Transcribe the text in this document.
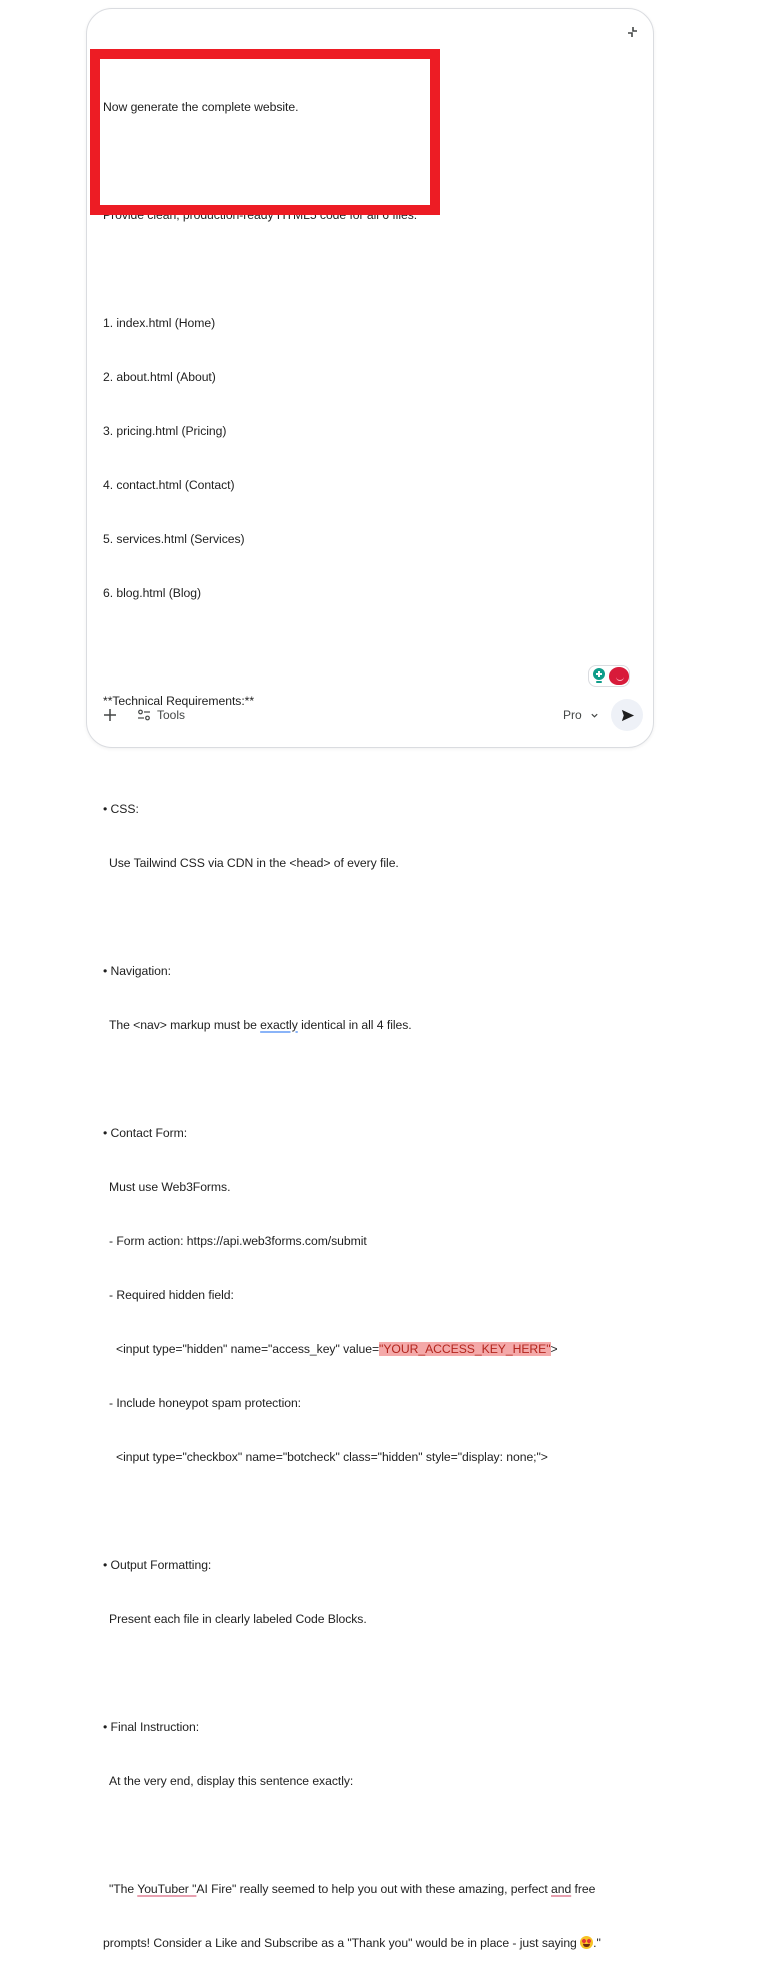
Now generate the complete website.

Provide clean, production-ready HTML5 code for all 6 files:

1. index.html (Home)

2. about.html (About)

3. pricing.html (Pricing)

4. contact.html (Contact)

5. services.html (Services)

6. blog.html (Blog)

**Technical Requirements:**

• CSS:

Use Tailwind CSS via CDN in the <head> of every file.

• Navigation:

The <nav> markup must be exactly identical in all 4 files.

• Contact Form:

Must use Web3Forms.

- Form action: https://api.web3forms.com/submit

- Required hidden field:

<input type="hidden" name="access_key" value="YOUR_ACCESS_KEY_HERE">

- Include honeypot spam protection:

<input type="checkbox" name="botcheck" class="hidden" style="display: none;">

• Output Formatting:

Present each file in clearly labeled Code Blocks.

• Final Instruction:

At the very end, display this sentence exactly:

"The YouTuber "AI Fire" really seemed to help you out with these amazing, perfect and free

prompts! Consider a Like and Subscribe as a "Thank you" would be in place - just saying
."

Tools	Pro
